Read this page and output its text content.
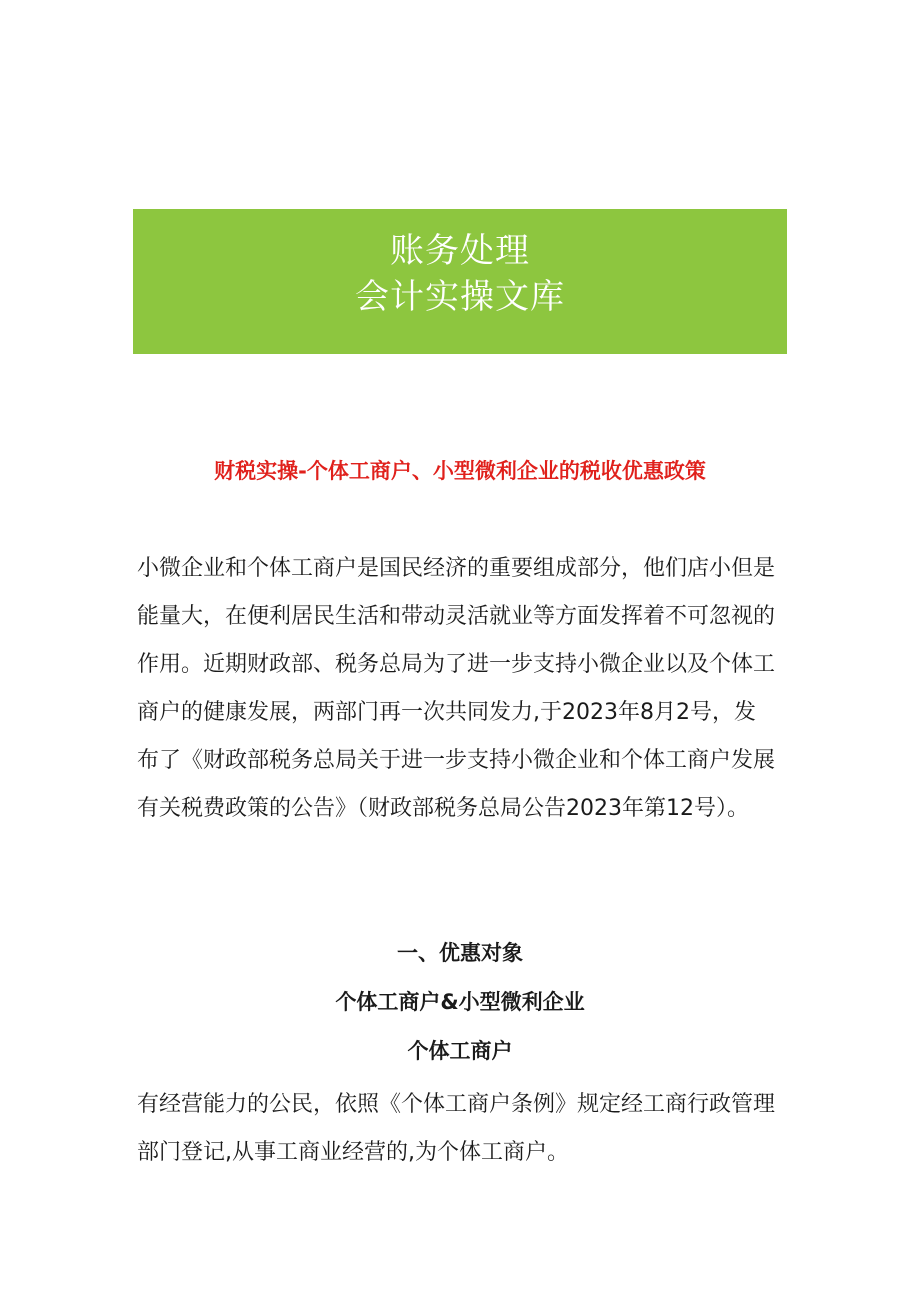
账务处理
会计实操文库
财税实操-个体工商户、小型微利企业的税收优惠政策

小微企业和个体工商户是国民经济的重要组成部分，他们店小但是能量大，在便利居民生活和带动灵活就业等方面发挥着不可忽视的作用。近期财政部、税务总局为了进一步支持小微企业以及个体工商户的健康发展，两部门再一次共同发力,于2023年8月2号，发布了《财政部税务总局关于进一步支持小微企业和个体工商户发展有关税费政策的公告》（财政部税务总局公告2023年第12号）。

一、优惠对象
个体工商户&小型微利企业
个体工商户

有经营能力的公民，依照《个体工商户条例》规定经工商行政管理部门登记,从事工商业经营的,为个体工商户。
